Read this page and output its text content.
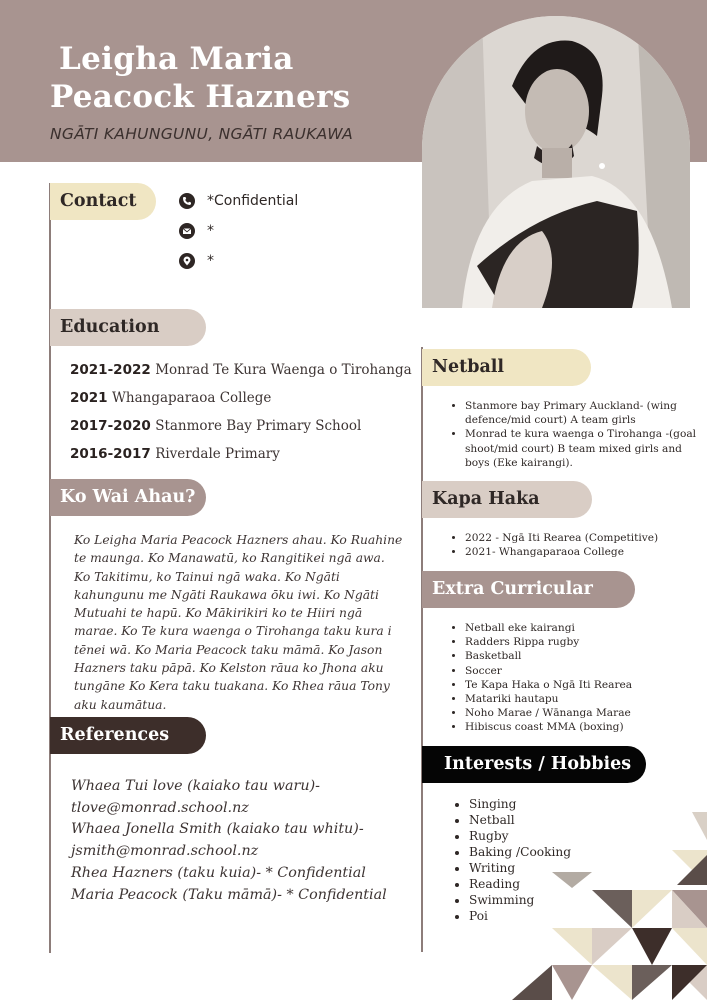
Leigha Maria Peacock Hazners
NGĀTI KAHUNGUNU, NGĀTI RAUKAWA
Contact	*Confidential
*
*
Education
2021-2022 Monrad Te Kura Waenga o Tirohanga
2021 Whangaparaoa College
2017-2020 Stanmore Bay Primary School
2016-2017 Riverdale Primary
Ko Wai Ahau?

Ko Leigha Maria Peacock Hazners ahau. Ko Ruahine te maunga. Ko Manawatū, ko Rangitikei ngā awa. Ko Takitimu, ko Tainui ngā waka. Ko Ngāti kahungunu me Ngāti Raukawa ōku iwi. Ko Ngāti Mutuahi te hapū. Ko Mākirikiri ko te Hiiri ngā marae. Ko Te kura waenga o Tirohanga taku kura i tēnei wā. Ko Maria Peacock taku māmā. Ko Jason Hazners taku pāpā. Ko Kelston rāua ko Jhona aku tungāne Ko Kera taku tuakana. Ko Rhea rāua Tony aku kaumātua.

References
Whaea Tui love (kaiako tau waru)-
tlove@monrad.school.nz
Whaea Jonella Smith (kaiako tau whitu)-
jsmith@monrad.school.nz
Rhea Hazners (taku kuia)- * Confidential
Maria Peacock (Taku māmā)- * Confidential
Netball
• Stanmore bay Primary Auckland- (wing defence/mid court) A team girls
• Monrad te kura waenga o Tirohanga -(goal shoot/mid court) B team mixed girls and boys (Eke kairangi).
Kapa Haka
• 2022 - Ngā Iti Rearea (Competitive)
• 2021- Whangaparaoa College
Extra Curricular
• Netball eke kairangi
• Radders Rippa rugby
• Basketball
• Soccer
• Te Kapa Haka o Ngā Iti Rearea
• Matariki hautapu
• Noho Marae / Wānanga Marae
• Hibiscus coast MMA (boxing)
Interests / Hobbies
• Singing
• Netball
• Rugby
• Baking /Cooking
• Writing
• Reading
• Swimming
• Poi
